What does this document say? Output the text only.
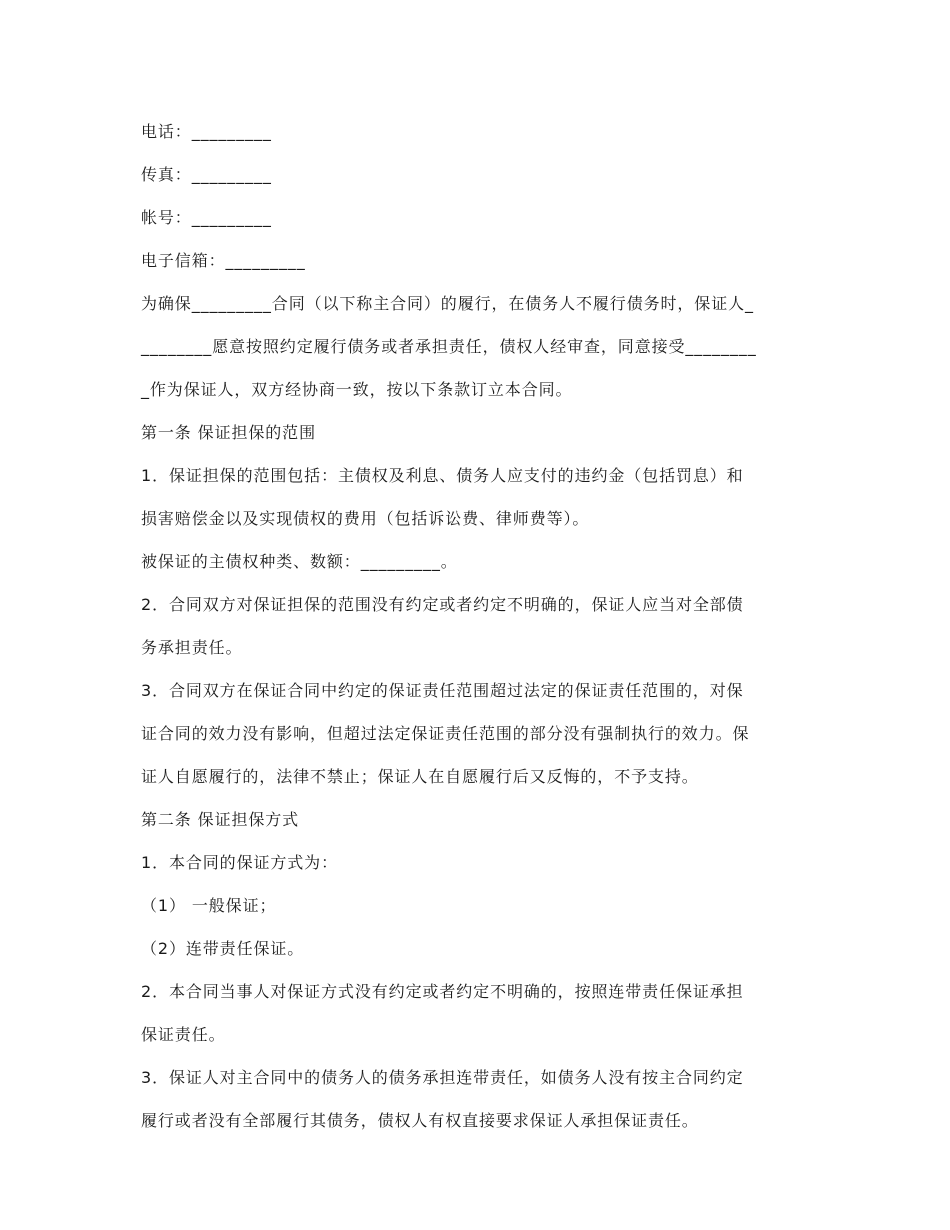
电话：_________

传真：_________

帐号：_________

电子信箱：_________

为确保_________合同（以下称主合同）的履行，在债务人不履行债务时，保证人_

________愿意按照约定履行债务或者承担责任，债权人经审查，同意接受________

_作为保证人，双方经协商一致，按以下条款订立本合同。

第一条 保证担保的范围

1．保证担保的范围包括：主债权及利息、债务人应支付的违约金（包括罚息）和

损害赔偿金以及实现债权的费用（包括诉讼费、律师费等）。

被保证的主债权种类、数额：_________。

2．合同双方对保证担保的范围没有约定或者约定不明确的，保证人应当对全部债

务承担责任。

3．合同双方在保证合同中约定的保证责任范围超过法定的保证责任范围的，对保

证合同的效力没有影响，但超过法定保证责任范围的部分没有强制执行的效力。保

证人自愿履行的，法律不禁止；保证人在自愿履行后又反悔的，不予支持。

第二条 保证担保方式

1．本合同的保证方式为：

（1） 一般保证；

（2）连带责任保证。

2．本合同当事人对保证方式没有约定或者约定不明确的，按照连带责任保证承担

保证责任。

3．保证人对主合同中的债务人的债务承担连带责任，如债务人没有按主合同约定

履行或者没有全部履行其债务，债权人有权直接要求保证人承担保证责任。
